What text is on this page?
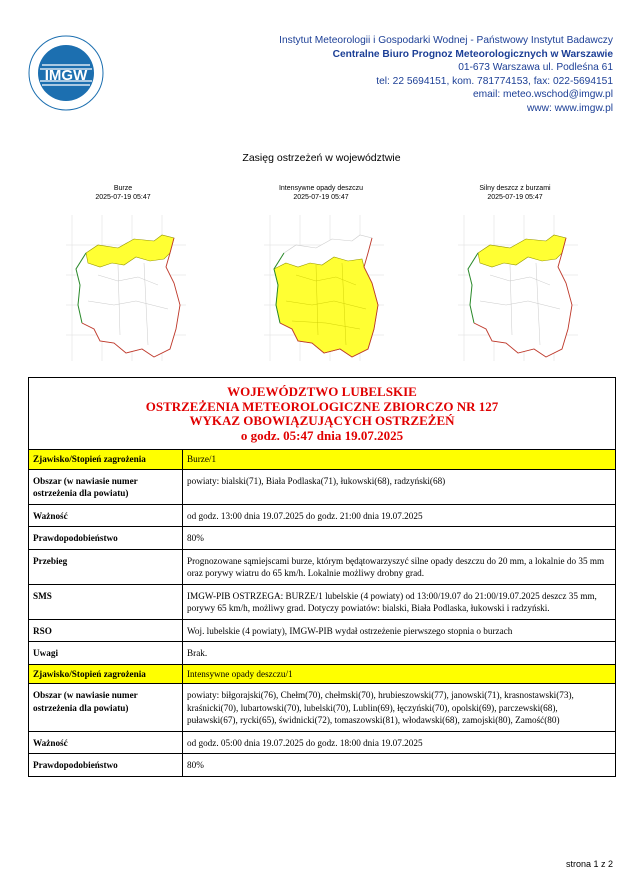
IMGW
Instytut Meteorologii i Gospodarki Wodnej - Państwowy Instytut Badawczy
Centralne Biuro Prognoz Meteorologicznych w Warszawie
01-673 Warszawa ul. Podleśna 61
tel: 22 5694151, kom. 781774153, fax: 022-5694151
email: meteo.wschod@imgw.pl
www: www.imgw.pl
Zasięg ostrzeżeń w województwie
Burze
2025-07-19 05:47
Intensywne opady deszczu
2025-07-19 05:47
Silny deszcz z burzami
2025-07-19 05:47
WOJEWÓDZTWO LUBELSKIE
OSTRZEŻENIA METEOROLOGICZNE ZBIORCZO NR 127
WYKAZ OBOWIĄZUJĄCYCH OSTRZEŻEŃ
o godz. 05:47 dnia 19.07.2025
Zjawisko/Stopień zagrożenia	Burze/1
Obszar (w nawiasie numer ostrzeżenia dla powiatu)	powiaty: bialski(71), Biała Podlaska(71), łukowski(68), radzyński(68)
Ważność	od godz. 13:00 dnia 19.07.2025 do godz. 21:00 dnia 19.07.2025
Prawdopodobieństwo	80%
Przebieg	Prognozowane sąmiejscami burze, którym będątowarzyszyć silne opady deszczu do 20 mm, a lokalnie do 35 mm oraz porywy wiatru do 65 km/h. Lokalnie możliwy drobny grad.
SMS	IMGW-PIB OSTRZEGA: BURZE/1 lubelskie (4 powiaty) od 13:00/19.07 do 21:00/19.07.2025 deszcz 35 mm, porywy 65 km/h, możliwy grad. Dotyczy powiatów: bialski, Biała Podlaska, łukowski i radzyński.
RSO	Woj. lubelskie (4 powiaty), IMGW-PIB wydał ostrzeżenie pierwszego stopnia o burzach
Uwagi	Brak.
Zjawisko/Stopień zagrożenia	Intensywne opady deszczu/1
Obszar (w nawiasie numer ostrzeżenia dla powiatu)	powiaty: biłgorajski(76), Chełm(70), chełmski(70), hrubieszowski(77), janowski(71), krasnostawski(73), kraśnicki(70), lubartowski(70), lubelski(70), Lublin(69), łęczyński(70), opolski(69), parczewski(68), puławski(67), rycki(65), świdnicki(72), tomaszowski(81), włodawski(68), zamojski(80), Zamość(80)
Ważność	od godz. 05:00 dnia 19.07.2025 do godz. 18:00 dnia 19.07.2025
Prawdopodobieństwo	80%
strona 1 z 2
